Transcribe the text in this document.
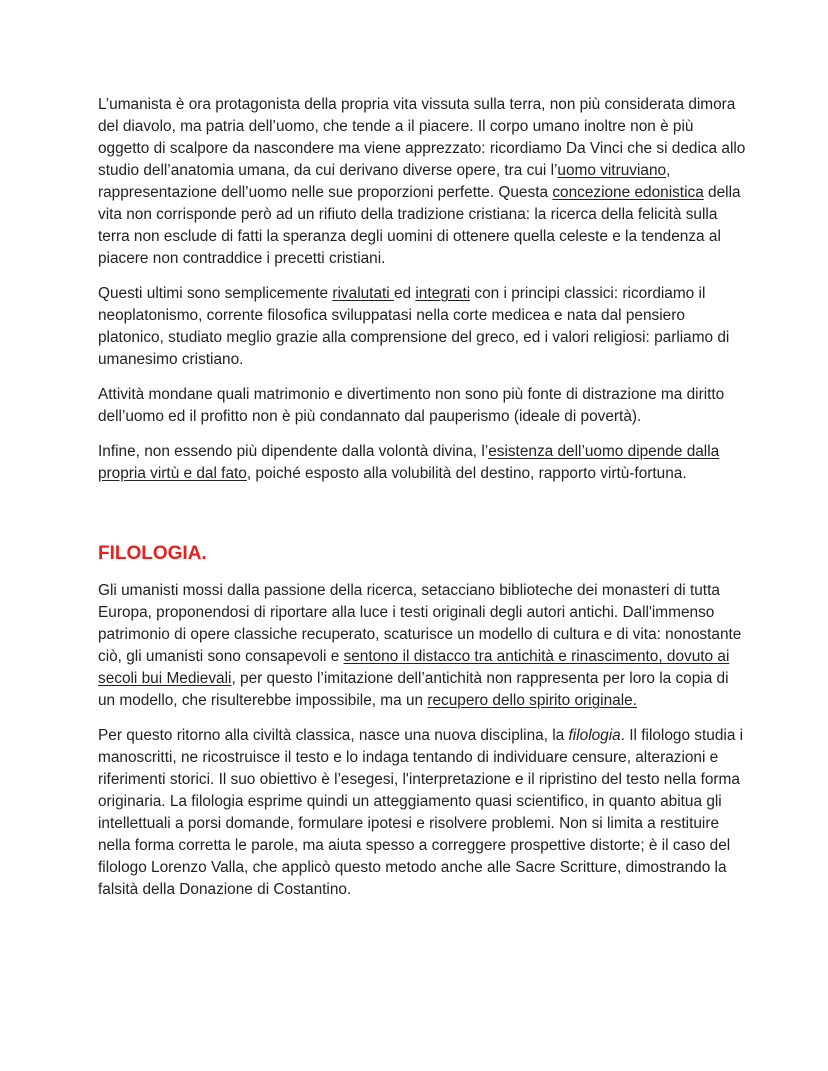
L’umanista è ora protagonista della propria vita vissuta sulla terra, non più considerata dimora del diavolo, ma patria dell’uomo, che tende a il piacere. Il corpo umano inoltre non è più oggetto di scalpore da nascondere ma viene apprezzato: ricordiamo Da Vinci che si dedica allo studio dell’anatomia umana, da cui derivano diverse opere, tra cui l’uomo vitruviano, rappresentazione dell’uomo nelle sue proporzioni perfette. Questa concezione edonistica della vita non corrisponde però ad un rifiuto della tradizione cristiana: la ricerca della felicità sulla terra non esclude di fatti la speranza degli uomini di ottenere quella celeste e la tendenza al piacere non contraddice i precetti cristiani.

Questi ultimi sono semplicemente rivalutati ed integrati con i principi classici: ricordiamo il neoplatonismo, corrente filosofica sviluppatasi nella corte medicea e nata dal pensiero platonico, studiato meglio grazie alla comprensione del greco, ed i valori religiosi: parliamo di umanesimo cristiano.

Attività mondane quali matrimonio e divertimento non sono più fonte di distrazione ma diritto dell’uomo ed il profitto non è più condannato dal pauperismo (ideale di povertà).

Infine, non essendo più dipendente dalla volontà divina, l’esistenza dell’uomo dipende dalla propria virtù e dal fato, poiché esposto alla volubilità del destino, rapporto virtù-fortuna.

FILOLOGIA.

Gli umanisti mossi dalla passione della ricerca, setacciano biblioteche dei monasteri di tutta Europa, proponendosi di riportare alla luce i testi originali degli autori antichi. Dall'immenso patrimonio di opere classiche recuperato, scaturisce un modello di cultura e di vita: nonostante ciò, gli umanisti sono consapevoli e sentono il distacco tra antichità e rinascimento, dovuto ai secoli bui Medievali, per questo l’imitazione dell’antichità non rappresenta per loro la copia di un modello, che risulterebbe impossibile, ma un recupero dello spirito originale.

Per questo ritorno alla civiltà classica, nasce una nuova disciplina, la filologia. Il filologo studia i manoscritti, ne ricostruisce il testo e lo indaga tentando di individuare censure, alterazioni e riferimenti storici. Il suo obiettivo è l’esegesi, l'interpretazione e il ripristino del testo nella forma originaria. La filologia esprime quindi un atteggiamento quasi scientifico, in quanto abitua gli intellettuali a porsi domande, formulare ipotesi e risolvere problemi. Non si limita a restituire nella forma corretta le parole, ma aiuta spesso a correggere prospettive distorte; è il caso del filologo Lorenzo Valla, che applicò questo metodo anche alle Sacre Scritture, dimostrando la falsità della Donazione di Costantino.
